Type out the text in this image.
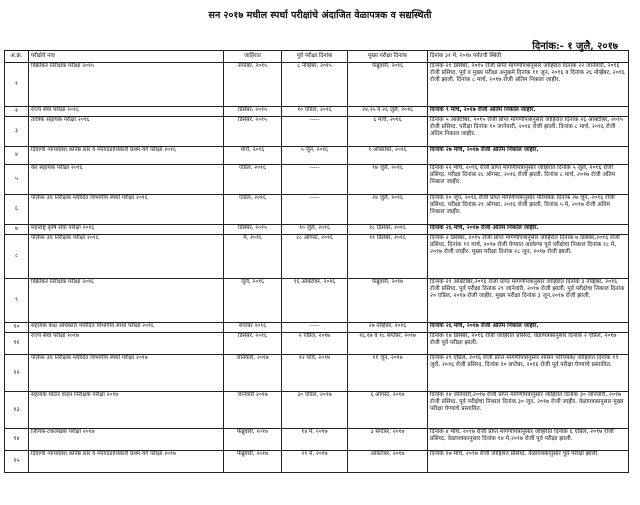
सन २०१७ मधील स्पर्धा परीक्षांचे अंदाजित वेळापत्रक व सद्यस्थिती
दिनांक:- १ जुलै, २०१७
अ.क्र.	परीक्षेचे नाव	जाहिरात	पूर्व परीक्षा दिनांक	मुख्य परीक्षा दिनांक	दिनांक ३१ मे, २०१७ पर्यंतची स्थिती
१	विक्रीकर निरीक्षक परीक्षा २०१५	सप्टेंबर, २०१५	८ नोव्हेंबर, २०१५	फेब्रुवारी, २०१६	दिनांक २१ डिसेंबर, २०१५ रोजी प्राप्त मागणीपत्रानुसार जाहिरात दिनांक २२ जानेवारी, २०१६ रोजी प्रसिध्द. पूर्व व मुख्य परीक्षा अनुक्रमे दिनांक ११ जून, २०१६ व दिनांक २६ नोव्हेंबर, २०१६ रोजी झाली. दिनांक ८ मार्च, २०१७ रोजी अंतिम निकाल जाहीर.
२	राज्य सेवा परीक्षा २०१६	डिसेंबर, २०१५	१० एप्रिल, २०१६	२४,२५ व २६ जुलै, २०१६	दिनांक ९ मार्च, २०१७ रोजी अंतिम निकाल जाहीर.
३	तांत्रिक सहायक परीक्षा २०१६	डिसेंबर, २०१५	-----	६ मार्च, २०१६	दिनांक ५ ऑक्टोबर, २०१५ रोजी प्राप्त मागणीपत्रानुसार जाहिरात दिनांक २६ ऑक्टोबर, २०१५ रोजी प्रसिध्द. परीक्षा दिनांक १० जानेवारी, २०१६ रोजी झाली. दिनांक ८ मार्च, २०१६ रोजी अंतिम निकाल जाहीर.
४	दिवाणी न्यायाधीश कनिष्ठ स्तर व न्यायदंडाधिकारी प्रथम वर्ग परीक्षा २०१६	मार्च, २०१६	५ जून, २०१६	९ ऑक्टोबर, २०१६	दिनांक २७ मार्च, २०१७ रोजी अंतिम निकाल जाहीर.
५	कर सहायक परीक्षा २०१६	एप्रिल, २०१६	-----	१७ जुलै, २०१६	दिनांक २२ मार्च, २०१६ रोजी प्राप्त मागणीपत्रानुसार जाहिरात दिनांक ५ जुलै, २०१६ रोजी प्रसिध्द. परीक्षा दिनांक २८ ऑगस्ट, २०१६ रोजी झाली. दिनांक ८ मार्च, २०१७ रोजी अंतिम निकाल जाहीर.
६	पोलीस उप निरीक्षक मर्यादित विभागीय स्पर्धा परीक्षा २०१६	एप्रिल, २०१६	-----	२४ जुलै, २०१६	दिनांक १० जून, २०१६ रोजी प्राप्त मागणीपत्रानुसार परिपत्रक दिनांक २७ जून, २०१६ रोजी प्रसिध्द. परीक्षा दिनांक २१ ऑगस्ट, २०१६ रोजी झाली. दिनांक ५ मे, २०१७ रोजी अंतिम निकाल जाहीर.
७	महाराष्ट्र कृषि सेवा परीक्षा २०१६	डिसेंबर, २०१५	१० जुलै, २०१६	१८ डिसेंबर, २०१६	दिनांक २६ मार्च, २०१७ रोजी अंतिम निकाल जाहीर.
८	पोलीस उप निरीक्षक परीक्षा २०१६	मे, २०१६	२८ ऑगस्ट, २०१६	११ डिसेंबर, २०१६	दिनांक २ डिसेंबर, २०१५ रोजी प्राप्त मागणीपत्रानुसार जाहिरात दिनांक ७ डिसेंबर,२०१६ रोजी प्रसिध्द. दिनांक १९ मार्च, २०१७ रोजी घेण्यात आलेल्या पूर्व परीक्षेचा निकाल दिनांक १८ मे, २०१७ रोजी जाहीर. मुख्य परीक्षा दिनांक २८ जून, २०१७ रोजी झाली.
९	विक्रीकर निरीक्षक परीक्षा २०१६	जुलै, २०१६	१६ ऑक्टोबर, २०१६	फेब्रुवारी, २०१७	दिनांक २१ ऑक्टोबर,२०१६ रोजी प्राप्त मागणीपत्रानुसार जाहिरात दिनांक ३ नोव्हेंबर, २०१६ रोजी प्रसिध्द. पूर्व परीक्षा दिनांक २९ जानेवारी, २०१७ रोजी झाली. पूर्व परीक्षेचा निकाल दिनांक २० एप्रिल, २०१७ रोजी जाहीर. मुख्य परीक्षा दिनांक ३ जून,२०१७ रोजी झाली.
१०	सहायक कक्ष अधिकारी मर्यादित विभागीय स्पर्धा परीक्षा २०१६	सप्टेंबर २०१६	-----	२७ नोव्हेंबर, २०१६	दिनांक २६ मार्च, २०१७ रोजी अंतिम निकाल जाहीर.
११	राज्य सेवा परीक्षा २०१७	डिसेंबर, २०१६	२ एप्रिल, २०१७	१६,१७ व १८ सप्टेंबर, २०१७	दिनांक १४ डिसेंबर, २०१६ रोजी जाहिरात प्रसिध्द. वेळापत्रकानुसार दिनांक २ एप्रिल, २०१७ रोजी पूर्व परीक्षा झाली.
१२	पोलीस उप निरीक्षक मर्यादित विभागीय स्पर्धा परीक्षा २०१७	जानेवारी, २०१७	१२ मार्च, २०१७	११ जून, २०१७	दिनांक २९ एप्रिल, २०१६ रोजी प्राप्त मागणीपत्रानुसार शासन परिपत्रक/ जाहिरात दिनांक १९ जुलै, २०१६ रोजी प्रसिध्द. दिनांक १० सप्टेंबर, २०१६ रोजी पूर्व परीक्षा घेण्याचे प्रस्तावित.
१३	सहायक मोटार वाहन निरीक्षक परीक्षा २०१७	जानेवारी २०१७	३० एप्रिल, २०१७	६ ऑगस्ट, २०१७	दिनांक १४ जानेवारी,२०१७ रोजी प्राप्त मागणीपत्रानुसार जाहिरात दिनांक ३० जानेवारी, २०१७ रोजी प्रसिध्द. पूर्व परीक्षेचा निकाल दिनांक ३० जून, २०१७ रोजी जाहीर. वेळापत्रकानुसार मुख्य परीक्षा घेण्याचे प्रस्तावित.
१४	लिपिक-टंकलेखक परीक्षा २०१७	फेब्रुवारी, २०१७	१४ मे, २०१७	३ सप्टेंबर, २०१७	दिनांक ४ मार्च, २०१७ रोजी प्राप्त मागणीपत्रानुसार जाहिरात दिनांक ६ एप्रिल, २०१७ रोजी प्रसिध्द. वेळापत्रकानुसार दिनांक १४ मे,२०१७ रोजी पूर्व परीक्षा झाली.
१५	दिवाणी न्यायाधीश कनिष्ठ स्तर व न्यायदंडाधिकारी प्रथम वर्ग परीक्षा २०१७	फेब्रुवारी, २०१७	२१ मे, २०१७	ऑक्टोबर, २०१७	दिनांक १७ मार्च, २०१७ रोजी जाहिरात प्रसिध्द. वेळापत्रकानुसार पूर्व परीक्षा झाली.
